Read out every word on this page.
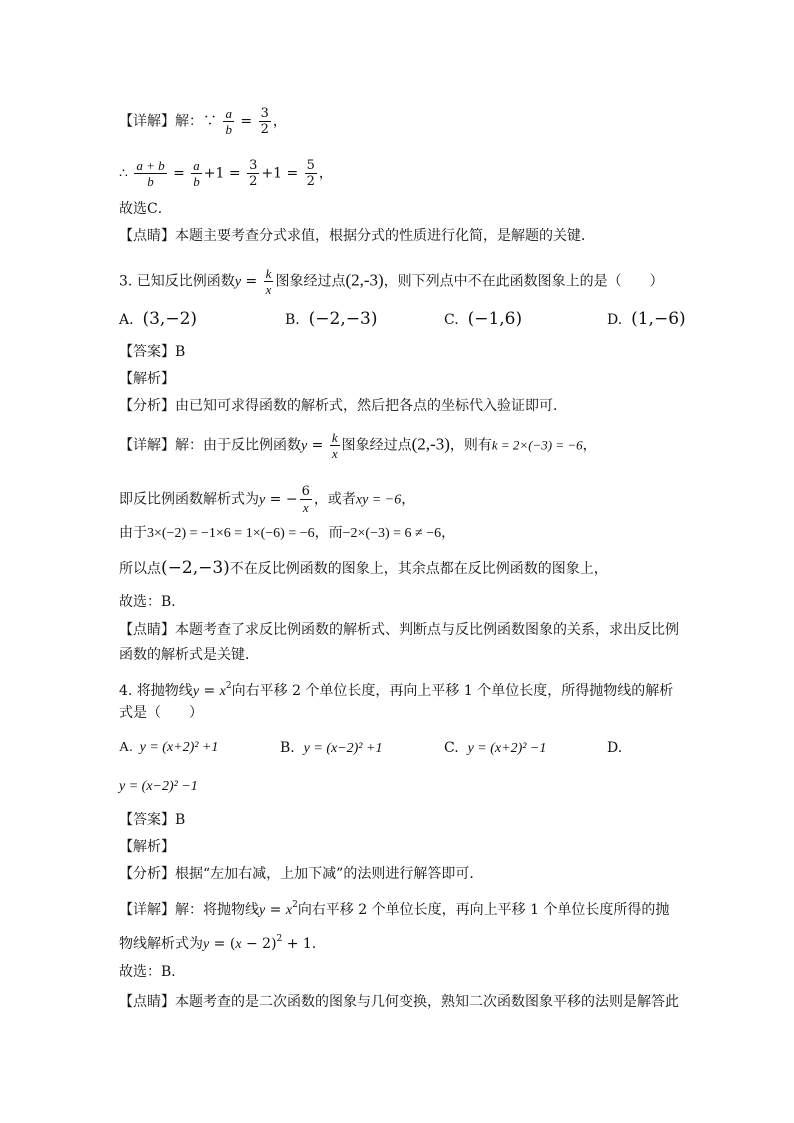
【详解】解：∵ $\frac{a}{b} = \frac{3}{2}$ ，
∴ $\frac{a + b}{b} = \frac{a}{b} +1 = \frac{3}{2} +1 = \frac{5}{2}$ ，
故选C．
【点睛】本题主要考查分式求值，根据分式的性质进行化简，是解题的关键．
3. 已知反比例函数$y = \frac{k}{x}$ 图象经过点(2,-3)，则下列点中不在此函数图象上的是（　　）
A. (3,−2)	B. (−2,−3)	C. (−1,6)	D. (1,−6)
【答案】B
【解析】
【分析】由已知可求得函数的解析式，然后把各点的坐标代入验证即可．
【详解】解：由于反比例函数$y = \frac{k}{x}$ 图象经过点(2,-3)，则有k = 2×(−3) = −6，
即反比例函数解析式为y = − $\frac{6}{x}$ ，或者xy = −6，
由于3×(−2) = −1×6 = 1×(−6) = −6，而−2×(−3) = 6 ≠ −6，
所以点(−2,−3)不在反比例函数的图象上，其余点都在反比例函数的图象上，
故选：B．
【点睛】本题考查了求反比例函数的解析式、判断点与反比例函数图象的关系，求出反比例
函数的解析式是关键．
4. 将抛物线$y = x^2$向右平移 2 个单位长度，再向上平移 1 个单位长度，所得抛物线的解析
式是（　　）
A. y = (x+2)² +1	B. y = (x−2)² +1	C. y = (x+2)² −1	D.
y = (x−2)² −1
【答案】B
【解析】
【分析】根据“左加右减，上加下减”的法则进行解答即可．
【详解】解：将抛物线$y = x^2$向右平移 2 个单位长度，再向上平移 1 个单位长度所得的抛
物线解析式为$y = (x - 2)^2 + 1$．
故选：B．
【点睛】本题考查的是二次函数的图象与几何变换，熟知二次函数图象平移的法则是解答此
